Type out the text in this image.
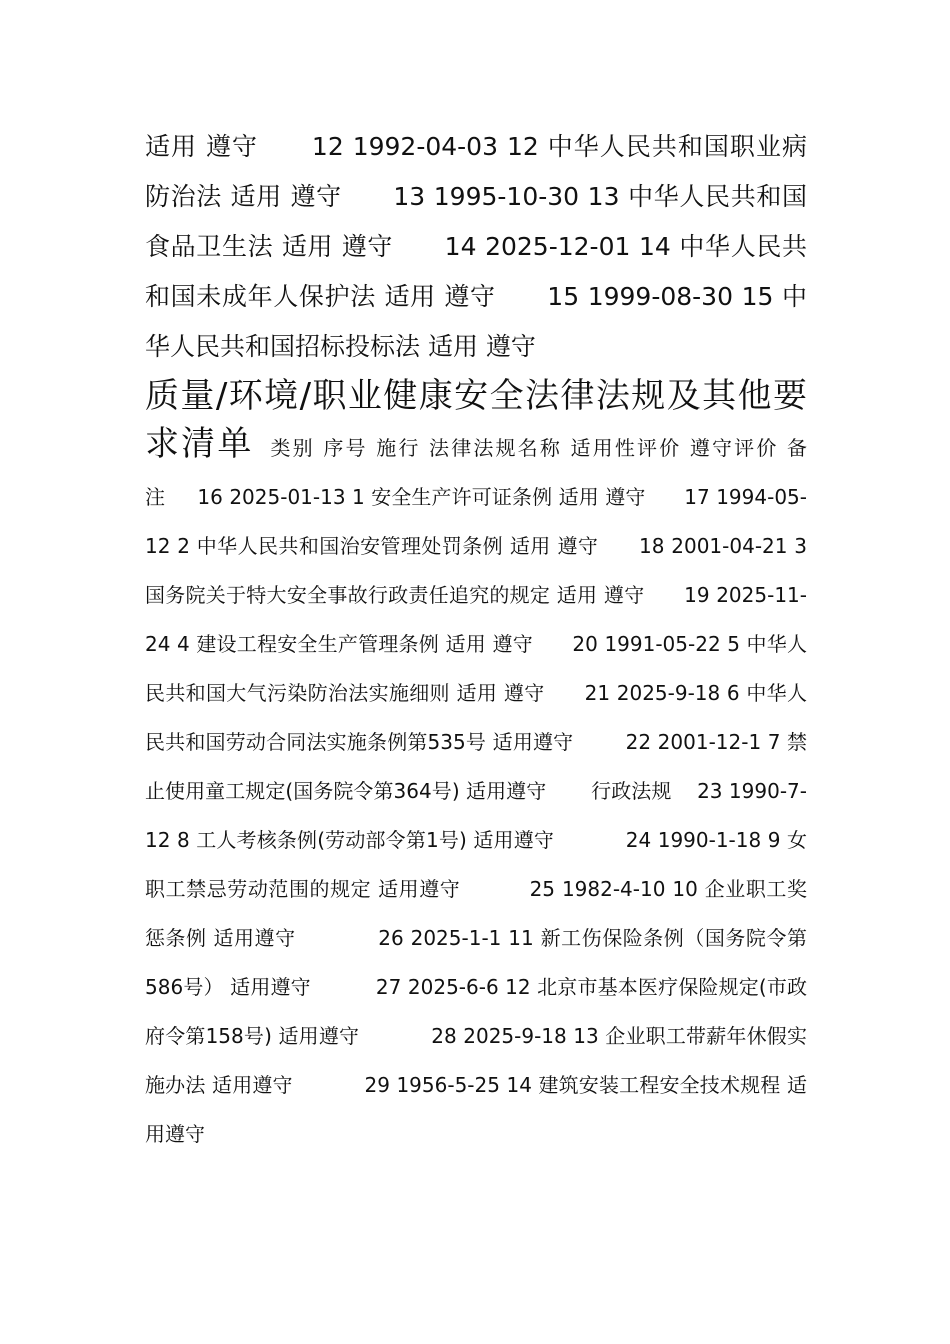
适用 遵守      12 1992-04-03 12 中华人民共和国职业病防治法 适用 遵守      13 1995-10-30 13 中华人民共和国食品卫生法 适用 遵守      14 2025-12-01 14 中华人民共和国未成年人保护法 适用 遵守      15 1999-08-30 15 中华人民共和国招标投标法 适用 遵守

质量/环境/职业健康安全法律法规及其他要求清单  类别 序号 施行 法律法规名称 适用性评价 遵守评价 备注     16 2025-01-13 1 安全生产许可证条例 适用 遵守      17 1994-05-12 2 中华人民共和国治安管理处罚条例 适用 遵守      18 2001-04-21 3 国务院关于特大安全事故行政责任追究的规定 适用 遵守      19 2025-11-24 4 建设工程安全生产管理条例 适用 遵守      20 1991-05-22 5 中华人民共和国大气污染防治法实施细则 适用 遵守      21 2025-9-18 6 中华人民共和国劳动合同法实施条例第535号 适用遵守        22 2001-12-1 7 禁止使用童工规定(国务院令第364号) 适用遵守       行政法规    23 1990-7-12 8 工人考核条例(劳动部令第1号) 适用遵守           24 1990-1-18 9 女职工禁忌劳动范围的规定 适用遵守          25 1982-4-10 10 企业职工奖惩条例 适用遵守            26 2025-1-1 11 新工伤保险条例（国务院令第586号） 适用遵守          27 2025-6-6 12 北京市基本医疗保险规定(市政府令第158号) 适用遵守           28 2025-9-18 13 企业职工带薪年休假实施办法 适用遵守           29 1956-5-25 14 建筑安装工程安全技术规程 适用遵守
